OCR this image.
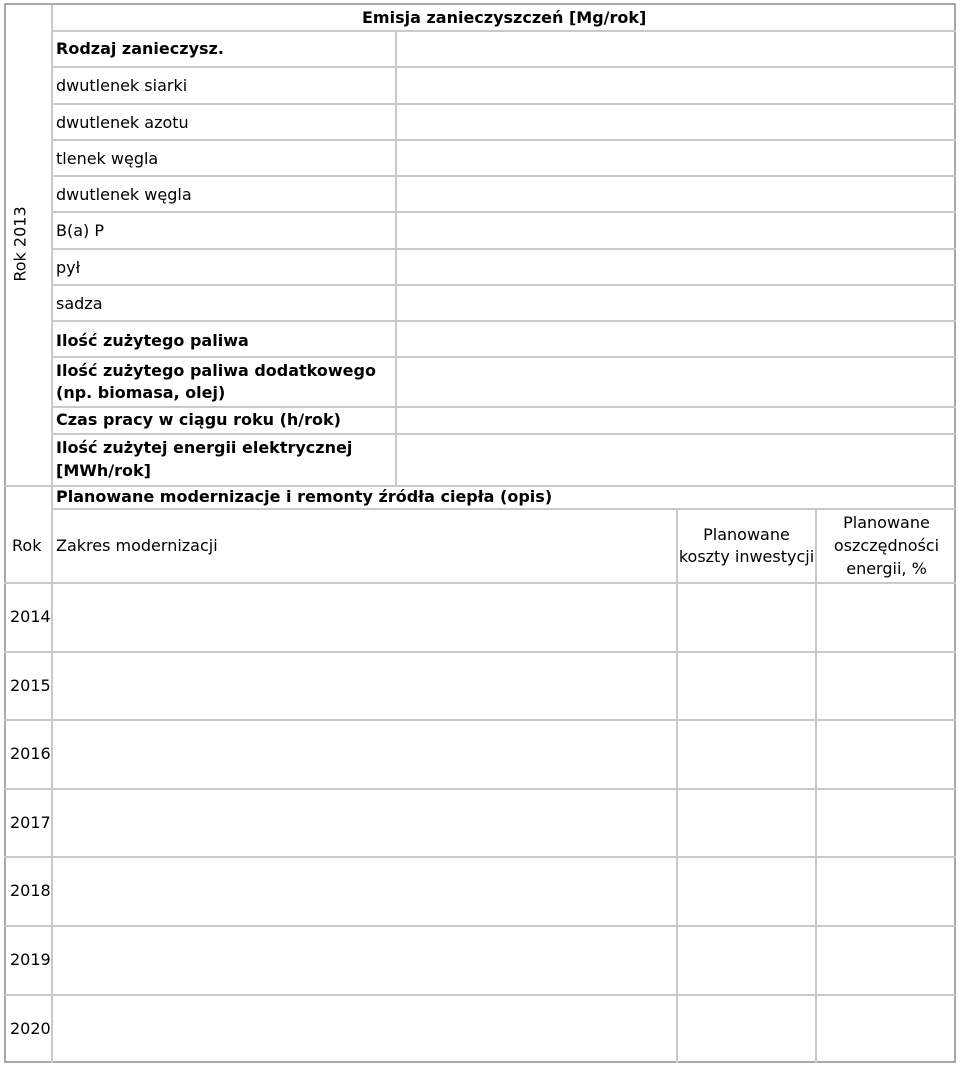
Rok 2013
Emisja zanieczyszczeń [Mg/rok]
Rodzaj zanieczysz.
dwutlenek siarki
dwutlenek azotu
tlenek węgla
dwutlenek węgla
B(a) P
pył
sadza
Ilość zużytego paliwa
Ilość zużytego paliwa dodatkowego
(np. biomasa, olej)
Czas pracy w ciągu roku (h/rok)
Ilość zużytej energii elektrycznej
[MWh/rok]
Planowane modernizacje i remonty źródła ciepła (opis)
Rok Zakres modernizacji
Planowane
koszty inwestycji
Planowane
oszczędności
energii, %
2014
2015
2016
2017
2018
2019
2020
